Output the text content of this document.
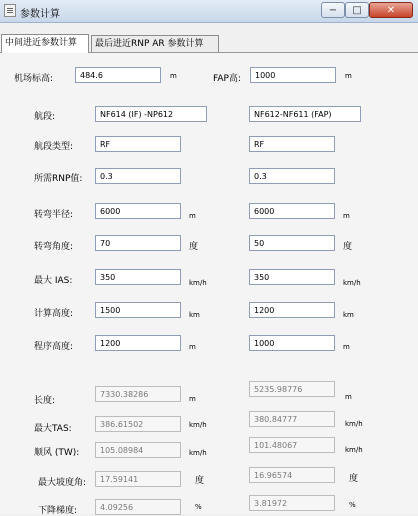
参数计算	−	□	✕
中间进近参数计算	最后进近RNP AR 参数计算
机场标高:
484.6	m	FAP高:
1000	m
航段:
NF614 (IF) -NP612
NF612-NF611 (FAP)
航段类型:
RF
RF
所需RNP值:
0.3
0.3
转弯半径:
6000	m
6000	m
转弯角度:
70	度
50	度
最大 IAS:
350	km/h
350	km/h
计算高度:
1500	km
1200	km
程序高度:
1200	m
1000	m
长度:
7330.38286	m
5235.98776	m
最大TAS:
386.61502	km/h
380.84777	km/h
顺风 (TW):
105.08984	km/h
101.48067	km/h
最大坡度角:
17.59141	度
16.96574	度
下降梯度:
4.09256	%
3.81972	%
